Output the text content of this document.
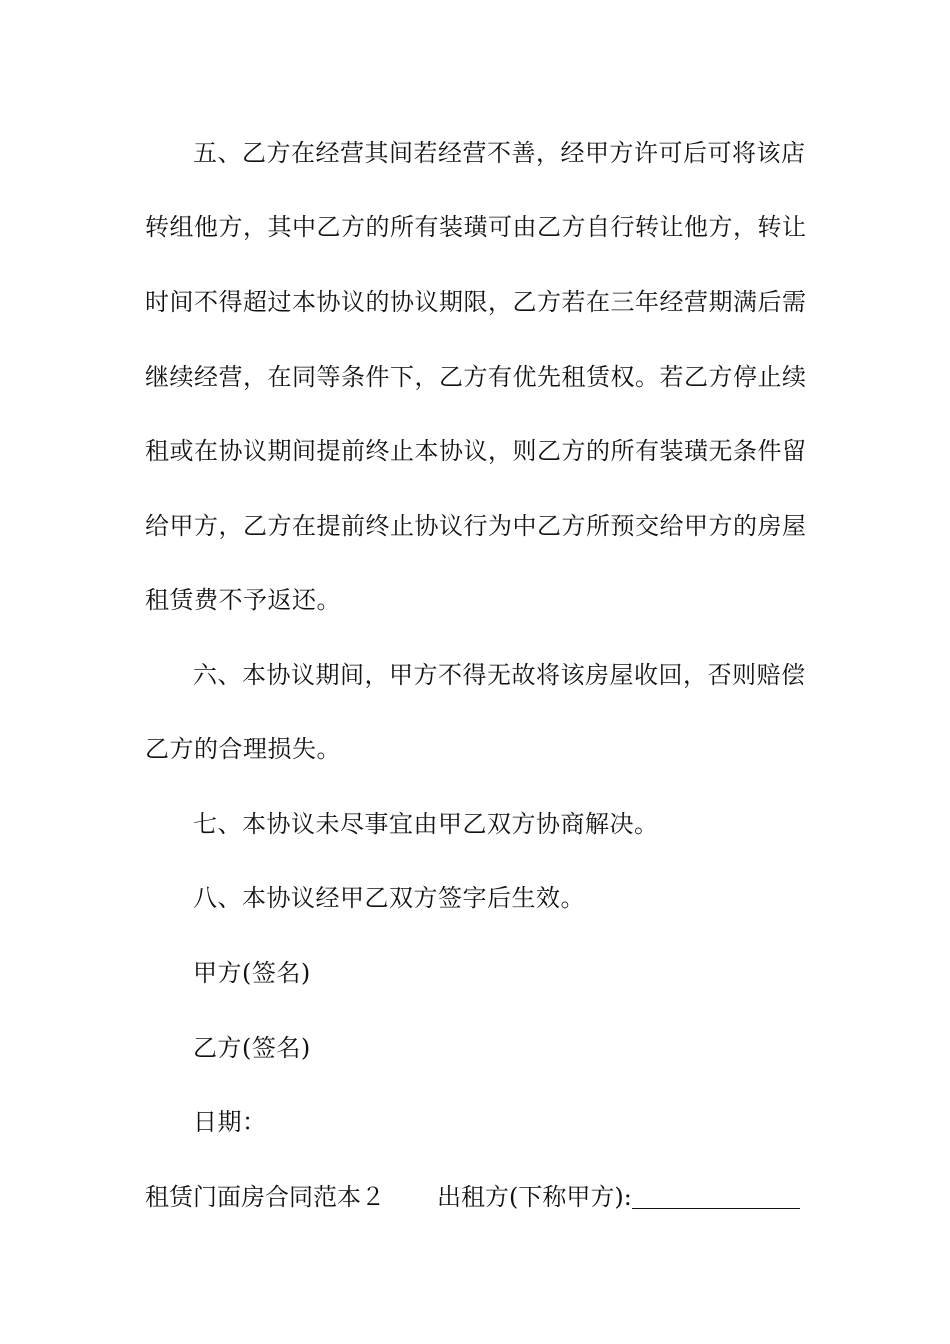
五、乙方在经营其间若经营不善，经甲方许可后可将该店
转组他方，其中乙方的所有装璜可由乙方自行转让他方，转让
时间不得超过本协议的协议期限，乙方若在三年经营期满后需
继续经营，在同等条件下，乙方有优先租赁权。若乙方停止续
租或在协议期间提前终止本协议，则乙方的所有装璜无条件留
给甲方，乙方在提前终止协议行为中乙方所预交给甲方的房屋
租赁费不予返还。
六、本协议期间，甲方不得无故将该房屋收回，否则赔偿
乙方的合理损失。
七、本协议未尽事宜由甲乙双方协商解决。
八、本协议经甲乙双方签字后生效。
甲方(签名)
乙方(签名)
日期：
租赁门面房合同范本２ 出租方(下称甲方):
